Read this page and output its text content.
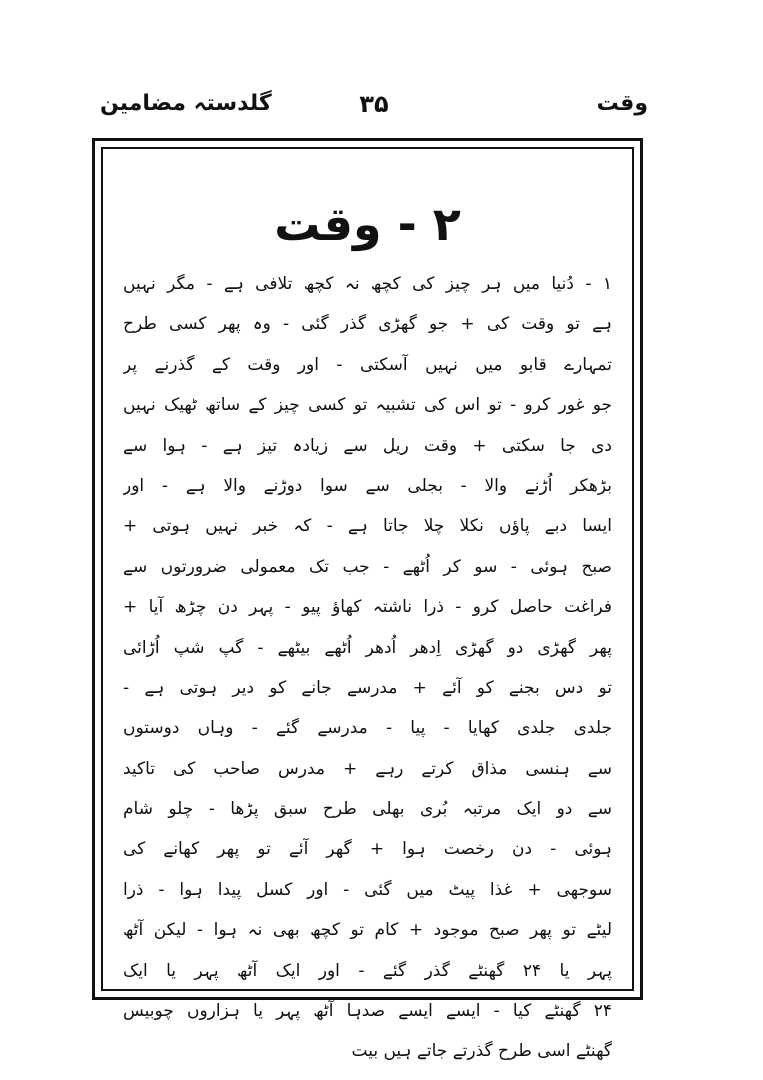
وقت
۳۵
گلدستہ مضامین
۲ - وقت
۱ - دُنیا میں ہر چیز کی کچھ نہ کچھ تلافی ہے - مگر نہیں
ہے تو وقت کی + جو گھڑی گذر گئی - وہ پھر کسی طرح
تمہارے قابو میں نہیں آسکتی - اور وقت کے گذرنے پر
جو غور کرو - تو اس کی تشبیہ تو کسی چیز کے ساتھ ٹھیک نہیں
دی جا سکتی + وقت ریل سے زیادہ تیز ہے - ہوا سے
بڑھکر اُڑنے والا - بجلی سے سوا دوڑنے والا ہے - اور
ایسا دبے پاؤں نکلا چلا جاتا ہے - کہ خبر نہیں ہوتی +
صبح ہوئی - سو کر اُٹھے - جب تک معمولی ضرورتوں سے
فراغت حاصل کرو - ذرا ناشتہ کھاؤ پیو - پہر دن چڑھ آیا +
پھر گھڑی دو گھڑی اِدھر اُدھر اُٹھے بیٹھے - گپ شپ اُڑائی
تو دس بجنے کو آئے + مدرسے جانے کو دیر ہوتی ہے -
جلدی جلدی کھایا - پیا - مدرسے گئے - وہاں دوستوں
سے ہنسی مذاق کرتے رہے + مدرس صاحب کی تاکید
سے دو ایک مرتبہ بُری بھلی طرح سبق پڑھا - چلو شام
ہوئی - دن رخصت ہوا + گھر آئے تو پھر کھانے کی
سوجھی + غذا پیٹ میں گئی - اور کسل پیدا ہوا - ذرا
لیٹے تو پھر صبح موجود + کام تو کچھ بھی نہ ہوا - لیکن آٹھ
پہر یا ۲۴ گھنٹے گذر گئے - اور ایک آٹھ پہر یا ایک
۲۴ گھنٹے کیا - ایسے ایسے صدہا آٹھ پہر یا ہزاروں چوبیس
گھنٹے اسی طرح گذرتے جاتے ہیں بیت
